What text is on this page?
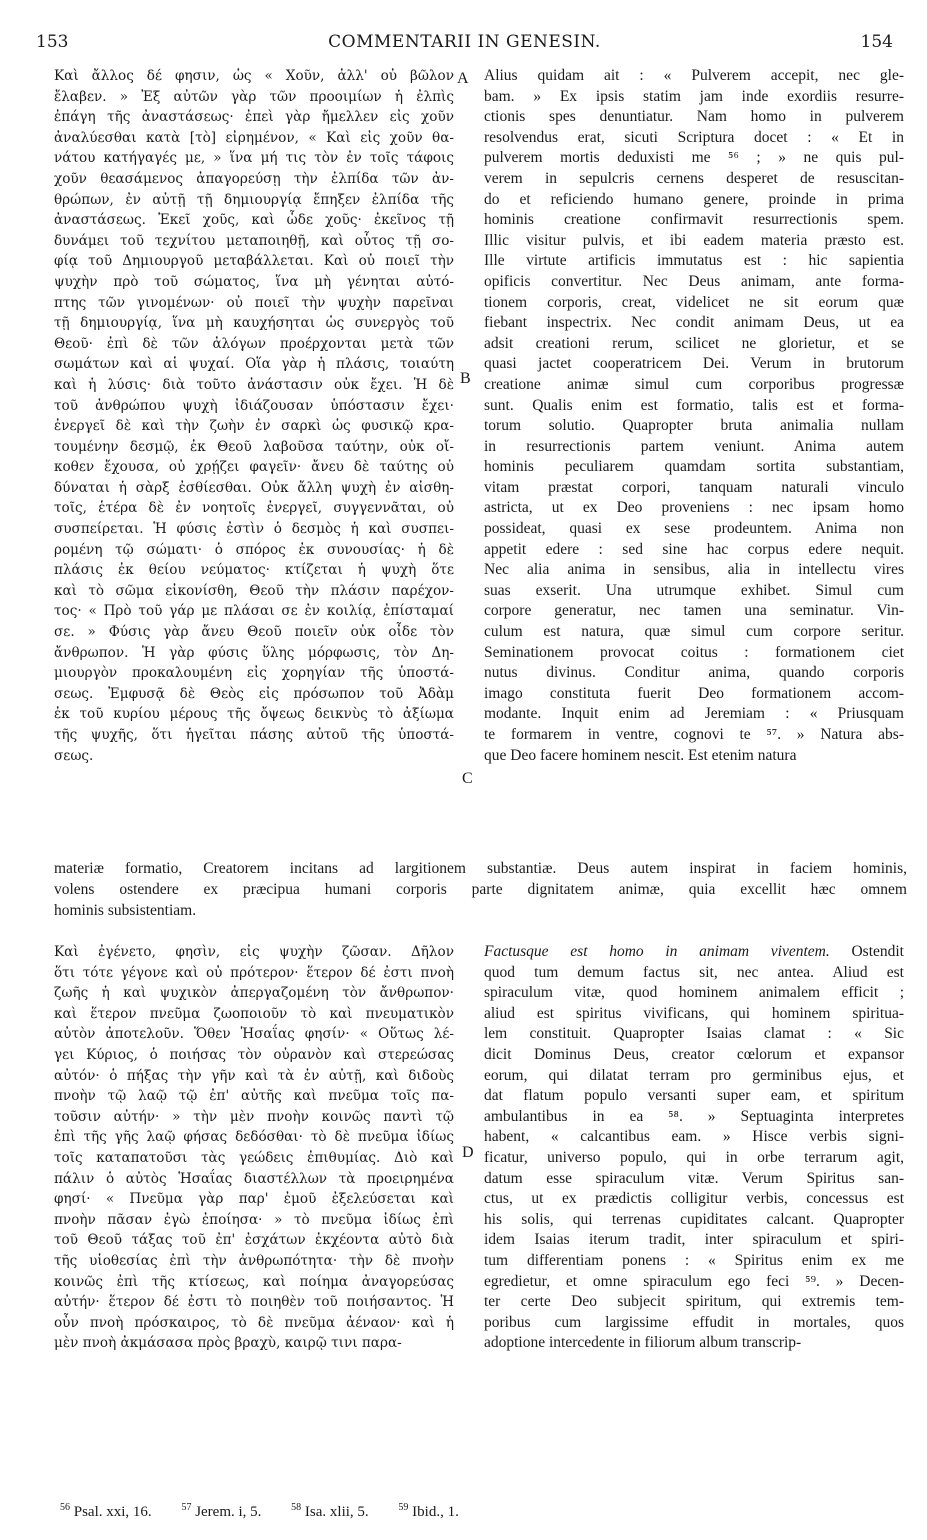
153	COMMENTARII IN GENESIN.	154
Καὶ ἄλλος δέ φησιν, ὡς « Χοῦν, ἀλλ' οὐ βῶλον
ἔλαβεν. » Ἐξ αὐτῶν γὰρ τῶν προοιμίων ἡ ἐλπὶς
ἐπάγη τῆς ἀναστάσεως· ἐπεὶ γὰρ ἤμελλεν εἰς χοῦν
ἀναλύεσθαι κατὰ [τὸ] εἰρημένον, « Καὶ εἰς χοῦν θα-
νάτου κατήγαγές με, » ἵνα μή τις τὸν ἐν τοῖς τάφοις
χοῦν θεασάμενος ἀπαγορεύσῃ τὴν ἐλπίδα τῶν ἀν-
θρώπων, ἐν αὐτῇ τῇ δημιουργίᾳ ἔπηξεν ἐλπίδα τῆς
ἀναστάσεως. Ἐκεῖ χοῦς, καὶ ὧδε χοῦς· ἐκεῖνος τῇ
δυνάμει τοῦ τεχνίτου μεταποιηθῇ, καὶ οὗτος τῇ σο-
φίᾳ τοῦ Δημιουργοῦ μεταβάλλεται. Καὶ οὐ ποιεῖ τὴν
ψυχὴν πρὸ τοῦ σώματος, ἵνα μὴ γένηται αὐτό-
πτης τῶν γινομένων· οὐ ποιεῖ τὴν ψυχὴν παρεῖναι
τῇ δημιουργίᾳ, ἵνα μὴ καυχήσηται ὡς συνεργὸς τοῦ
Θεοῦ· ἐπὶ δὲ τῶν ἀλόγων προέρχονται μετὰ τῶν
σωμάτων καὶ αἱ ψυχαί. Οἵα γὰρ ἡ πλάσις, τοιαύτη
καὶ ἡ λύσις· διὰ τοῦτο ἀνάστασιν οὐκ ἔχει. Ἡ δὲ
τοῦ ἀνθρώπου ψυχὴ ἰδιάζουσαν ὑπόστασιν ἔχει·
ἐνεργεῖ δὲ καὶ τὴν ζωὴν ἐν σαρκὶ ὡς φυσικῷ κρα-
τουμένην δεσμῷ, ἐκ Θεοῦ λαβοῦσα ταύτην, οὐκ οἴ-
κοθεν ἔχουσα, οὐ χρῄζει φαγεῖν· ἄνευ δὲ ταύτης οὐ
δύναται ἡ σὰρξ ἐσθίεσθαι. Οὐκ ἄλλη ψυχὴ ἐν αἰσθη-
τοῖς, ἑτέρα δὲ ἐν νοητοῖς ἐνεργεῖ, συγγεννᾶται, οὐ
συσπείρεται. Ἡ φύσις ἐστὶν ὁ δεσμὸς ἡ καὶ συσπει-
ρομένη τῷ σώματι· ὁ σπόρος ἐκ συνουσίας· ἡ δὲ
πλάσις ἐκ θείου νεύματος· κτίζεται ἡ ψυχὴ ὅτε
καὶ τὸ σῶμα εἰκονίσθη, Θεοῦ τὴν πλάσιν παρέχον-
τος· « Πρὸ τοῦ γάρ με πλάσαι σε ἐν κοιλίᾳ, ἐπίσταμαί
σε. » Φύσις γὰρ ἄνευ Θεοῦ ποιεῖν οὐκ οἶδε τὸν
ἄνθρωπον. Ἡ γὰρ φύσις ὕλης μόρφωσις, τὸν Δη-
μιουργὸν προκαλουμένη εἰς χορηγίαν τῆς ὑποστά-
σεως. Ἐμφυσᾷ δὲ Θεὸς εἰς πρόσωπον τοῦ Ἀδὰμ
ἐκ τοῦ κυρίου μέρους τῆς ὄψεως δεικνὺς τὸ ἀξίωμα
τῆς ψυχῆς, ὅτι ἡγεῖται πάσης αὐτοῦ τῆς ὑποστά-
σεως.
Alius quidam ait : « Pulverem accepit, nec gle-
bam. » Ex ipsis statim jam inde exordiis resurre-
ctionis spes denuntiatur. Nam homo in pulverem
resolvendus erat, sicuti Scriptura docet : « Et in
pulverem mortis deduxisti me ⁵⁶ ; » ne quis pul-
verem in sepulcris cernens desperet de resuscitan-
do et reficiendo humano genere, proinde in prima
hominis creatione confirmavit resurrectionis spem.
Illic visitur pulvis, et ibi eadem materia præsto est.
Ille virtute artificis immutatus est : hic sapientia
opificis convertitur. Nec Deus animam, ante forma-
tionem corporis, creat, videlicet ne sit eorum quæ
fiebant inspectrix. Nec condit animam Deus, ut ea
adsit creationi rerum, scilicet ne glorietur, et se
quasi jactet cooperatricem Dei. Verum in brutorum
creatione animæ simul cum corporibus progressæ
sunt. Qualis enim est formatio, talis est et forma-
torum solutio. Quapropter bruta animalia nullam
in resurrectionis partem veniunt. Anima autem
hominis peculiarem quamdam sortita substantiam,
vitam præstat corpori, tanquam naturali vinculo
astricta, ut ex Deo proveniens : nec ipsam homo
possideat, quasi ex sese prodeuntem. Anima non
appetit edere : sed sine hac corpus edere nequit.
Nec alia anima in sensibus, alia in intellectu vires
suas exserit. Una utrumque exhibet. Simul cum
corpore generatur, nec tamen una seminatur. Vin-
culum est natura, quæ simul cum corpore seritur.
Seminationem provocat coitus : formationem ciet
nutus divinus. Conditur anima, quando corporis
imago constituta fuerit Deo formationem accom-
modante. Inquit enim ad Jeremiam : « Priusquam
te formarem in ventre, cognovi te ⁵⁷. » Natura abs-
que Deo facere hominem nescit. Est etenim natura
A
B
C
D
materiæ formatio, Creatorem incitans ad largitionem substantiæ. Deus autem inspirat in faciem hominis,
volens ostendere ex præcipua humani corporis parte dignitatem animæ, quia excellit hæc omnem
hominis subsistentiam.
Καὶ ἐγένετο, φησὶν, εἰς ψυχὴν ζῶσαν. Δῆλον
ὅτι τότε γέγονε καὶ οὐ πρότερον· ἕτερον δέ ἐστι πνοὴ
ζωῆς ἡ καὶ ψυχικὸν ἀπεργαζομένη τὸν ἄνθρωπον·
καὶ ἕτερον πνεῦμα ζωοποιοῦν τὸ καὶ πνευματικὸν
αὐτὸν ἀποτελοῦν. Ὅθεν Ἡσαΐας φησίν· « Οὕτως λέ-
γει Κύριος, ὁ ποιήσας τὸν οὐρανὸν καὶ στερεώσας
αὐτόν· ὁ πήξας τὴν γῆν καὶ τὰ ἐν αὐτῇ, καὶ διδοὺς
πνοὴν τῷ λαῷ τῷ ἐπ' αὐτῆς καὶ πνεῦμα τοῖς πα-
τοῦσιν αὐτήν· » τὴν μὲν πνοὴν κοινῶς παντὶ τῷ
ἐπὶ τῆς γῆς λαῷ φήσας δεδόσθαι· τὸ δὲ πνεῦμα ἰδίως
τοῖς καταπατοῦσι τὰς γεώδεις ἐπιθυμίας. Διὸ καὶ
πάλιν ὁ αὐτὸς Ἡσαΐας διαστέλλων τὰ προειρημένα
φησί· « Πνεῦμα γὰρ παρ' ἐμοῦ ἐξελεύσεται καὶ
πνοὴν πᾶσαν ἐγὼ ἐποίησα· » τὸ πνεῦμα ἰδίως ἐπὶ
τοῦ Θεοῦ τάξας τοῦ ἐπ' ἐσχάτων ἐκχέοντα αὐτὸ διὰ
τῆς υἱοθεσίας ἐπὶ τὴν ἀνθρωπότητα· τὴν δὲ πνοὴν
κοινῶς ἐπὶ τῆς κτίσεως, καὶ ποίημα ἀναγορεύσας
αὐτήν· ἕτερον δέ ἐστι τὸ ποιηθὲν τοῦ ποιήσαντος. Ἡ
οὖν πνοὴ πρόσκαιρος, τὸ δὲ πνεῦμα ἀέναον· καὶ ἡ
μὲν πνοὴ ἀκμάσασα πρὸς βραχὺ, καιρῷ τινι παρα-
Factusque est homo in animam viventem. Ostendit
quod tum demum factus sit, nec antea. Aliud est
spiraculum vitæ, quod hominem animalem efficit ;
aliud est spiritus vivificans, qui hominem spiritua-
lem constituit. Quapropter Isaias clamat : « Sic
dicit Dominus Deus, creator cœlorum et expansor
eorum, qui dilatat terram pro germinibus ejus, et
dat flatum populo versanti super eam, et spiritum
ambulantibus in ea ⁵⁸. » Septuaginta interpretes
habent, « calcantibus eam. » Hisce verbis signi-
ficatur, universo populo, qui in orbe terrarum agit,
datum esse spiraculum vitæ. Verum Spiritus san-
ctus, ut ex prædictis colligitur verbis, concessus est
his solis, qui terrenas cupiditates calcant. Quapropter
idem Isaias iterum tradit, inter spiraculum et spiri-
tum differentiam ponens : « Spiritus enim ex me
egredietur, et omne spiraculum ego feci ⁵⁹. » Decen-
ter certe Deo subjecit spiritum, qui extremis tem-
poribus cum largissime effudit in mortales, quos
adoptione intercedente in filiorum album transcrip-
$^{56}$ Psal. xxi, 16.	$^{57}$ Jerem. i, 5.	$^{58}$ Isa. xlii, 5.	$^{59}$ Ibid., 1.
